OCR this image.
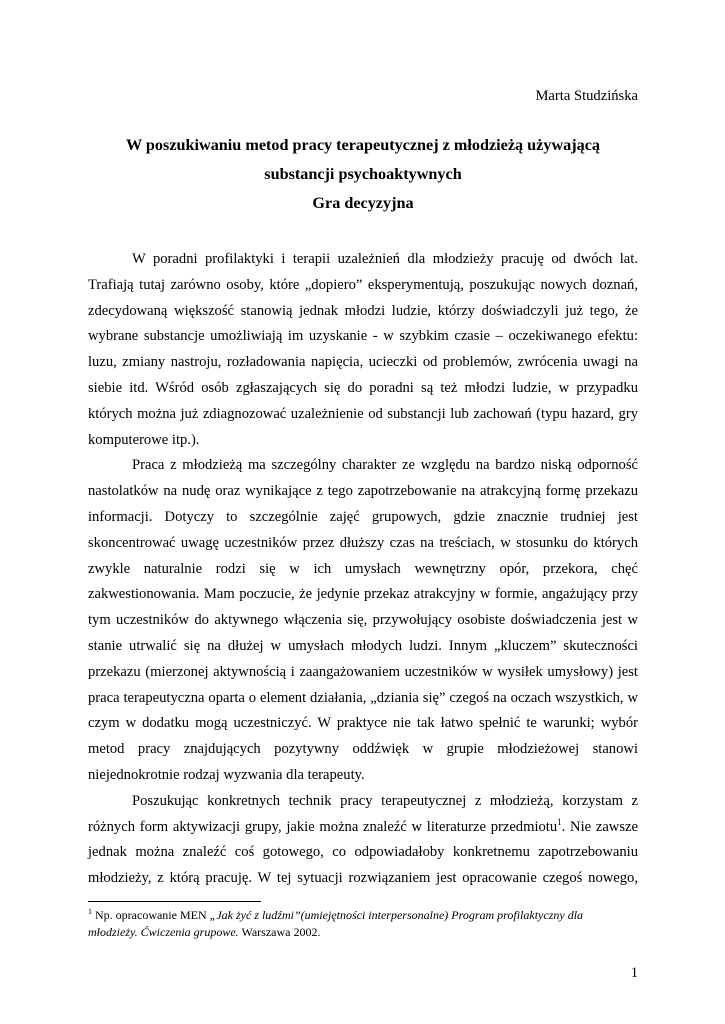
Marta Studzińska
W poszukiwaniu metod pracy terapeutycznej z młodzieżą używającą
substancji psychoaktywnych
Gra decyzyjna
W poradni profilaktyki i terapii uzależnień dla młodzieży pracuję od dwóch lat.
Trafiają tutaj zarówno osoby, które „dopiero” eksperymentują, poszukując nowych doznań,
zdecydowaną większość stanowią jednak młodzi ludzie, którzy doświadczyli już tego, że
wybrane substancje umożliwiają im uzyskanie - w szybkim czasie – oczekiwanego efektu:
luzu, zmiany nastroju, rozładowania napięcia, ucieczki od problemów, zwrócenia uwagi na
siebie itd. Wśród osób zgłaszających się do poradni są też młodzi ludzie, w przypadku
których można już zdiagnozować uzależnienie od substancji lub zachowań (typu hazard, gry
komputerowe itp.).
Praca z młodzieżą ma szczególny charakter ze względu na bardzo niską odporność
nastolatków na nudę oraz wynikające z tego zapotrzebowanie na atrakcyjną formę przekazu
informacji. Dotyczy to szczególnie zajęć grupowych, gdzie znacznie trudniej jest
skoncentrować uwagę uczestników przez dłuższy czas na treściach, w stosunku do których
zwykle naturalnie rodzi się w ich umysłach wewnętrzny opór, przekora, chęć
zakwestionowania. Mam poczucie, że jedynie przekaz atrakcyjny w formie, angażujący przy
tym uczestników do aktywnego włączenia się, przywołujący osobiste doświadczenia jest w
stanie utrwalić się na dłużej w umysłach młodych ludzi. Innym „kluczem” skuteczności
przekazu (mierzonej aktywnością i zaangażowaniem uczestników w wysiłek umysłowy) jest
praca terapeutyczna oparta o element działania, „dziania się” czegoś na oczach wszystkich, w
czym w dodatku mogą uczestniczyć. W praktyce nie tak łatwo spełnić te warunki; wybór
metod pracy znajdujących pozytywny oddźwięk w grupie młodzieżowej stanowi
niejednokrotnie rodzaj wyzwania dla terapeuty.
Poszukując konkretnych technik pracy terapeutycznej z młodzieżą, korzystam z
różnych form aktywizacji grupy, jakie można znaleźć w literaturze przedmiotu$^1$. Nie zawsze
jednak można znaleźć coś gotowego, co odpowiadałoby konkretnemu zapotrzebowaniu
młodzieży, z którą pracuję. W tej sytuacji rozwiązaniem jest opracowanie czegoś nowego,
$^1$ Np. opracowanie MEN „Jak żyć z ludźmi”(umiejętności interpersonalne) Program profilaktyczny dla
młodzieży. Ćwiczenia grupowe. Warszawa 2002.
1
